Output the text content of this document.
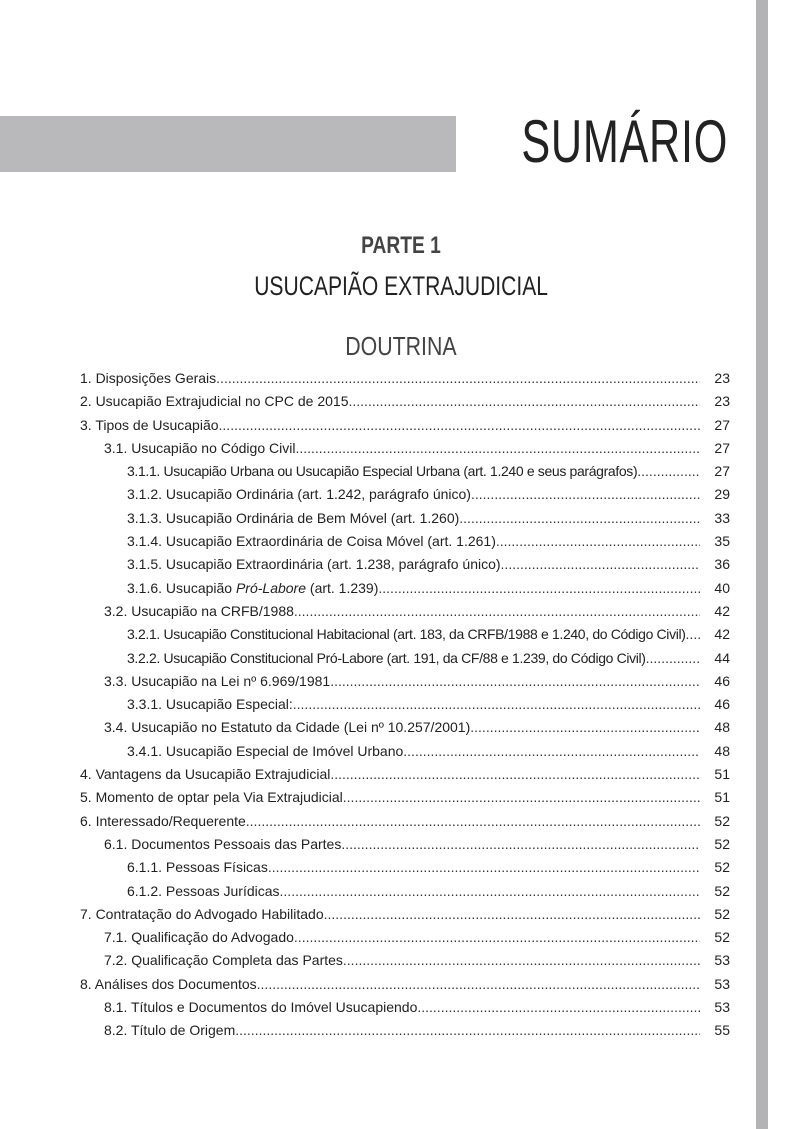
SUMÁRIO
PARTE 1
USUCAPIÃO EXTRAJUDICIAL
DOUTRINA
1. Disposições Gerais .....	23
2. Usucapião Extrajudicial no CPC de 2015 .....	23
3. Tipos de Usucapião .....	27
3.1. Usucapião no Código Civil .....	27
3.1.1. Usucapião Urbana ou Usucapião Especial Urbana (art. 1.240 e seus parágrafos) .....	27
3.1.2. Usucapião Ordinária (art. 1.242, parágrafo único) .....	29
3.1.3. Usucapião Ordinária de Bem Móvel (art. 1.260) .....	33
3.1.4. Usucapião Extraordinária de Coisa Móvel (art. 1.261) .....	35
3.1.5. Usucapião Extraordinária (art. 1.238, parágrafo único) .....	36
3.1.6. Usucapião Pró-Labore (art. 1.239) .....	40
3.2. Usucapião na CRFB/1988 .....	42
3.2.1. Usucapião Constitucional Habitacional (art. 183, da CRFB/1988 e 1.240, do Código Civil) .....	42
3.2.2. Usucapião Constitucional Pró-Labore (art. 191, da CF/88 e 1.239, do Código Civil) .....	44
3.3. Usucapião na Lei nº 6.969/1981 .....	46
3.3.1. Usucapião Especial: .....	46
3.4. Usucapião no Estatuto da Cidade (Lei nº 10.257/2001) .....	48
3.4.1. Usucapião Especial de Imóvel Urbano .....	48
4. Vantagens da Usucapião Extrajudicial .....	51
5. Momento de optar pela Via Extrajudicial .....	51
6. Interessado/Requerente .....	52
6.1. Documentos Pessoais das Partes .....	52
6.1.1. Pessoas Físicas .....	52
6.1.2. Pessoas Jurídicas .....	52
7. Contratação do Advogado Habilitado .....	52
7.1. Qualificação do Advogado .....	52
7.2. Qualificação Completa das Partes .....	53
8. Análises dos Documentos .....	53
8.1. Títulos e Documentos do Imóvel Usucapiendo .....	53
8.2. Título de Origem .....	55
